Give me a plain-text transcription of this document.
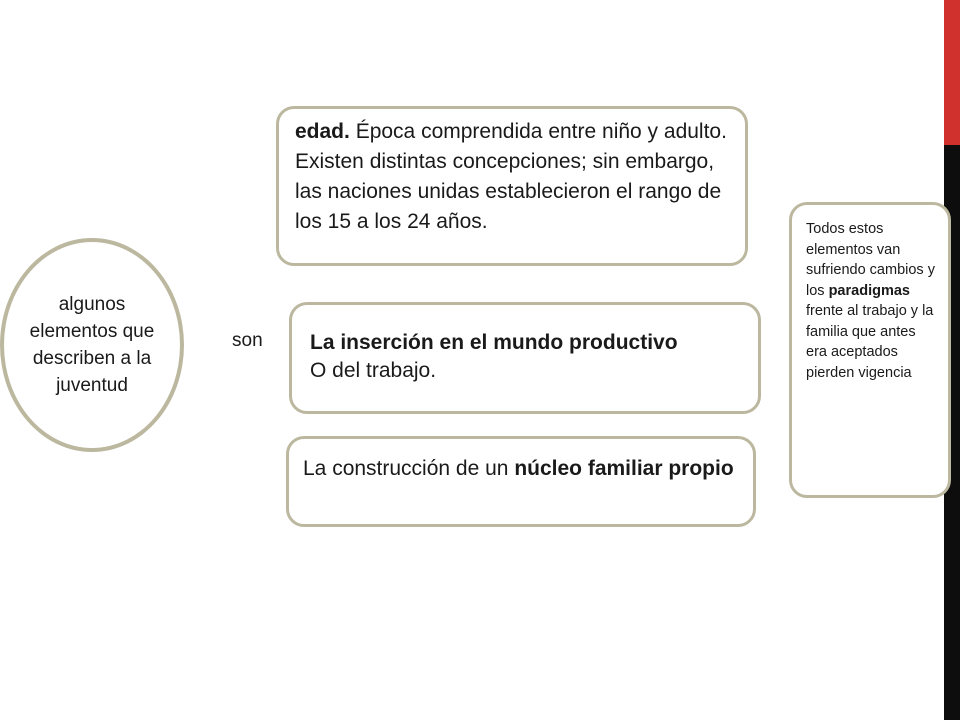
algunos elementos que describen a la juventud
son
edad. Época comprendida entre niño y adulto. Existen distintas concepciones; sin embargo, las naciones unidas establecieron el rango de los 15 a los 24 años.
La inserción en el mundo productivo
O del trabajo.
La construcción de un núcleo familiar propio
Todos estos elementos van sufriendo cambios y los paradigmas frente al trabajo y la familia que antes era aceptados pierden vigencia
